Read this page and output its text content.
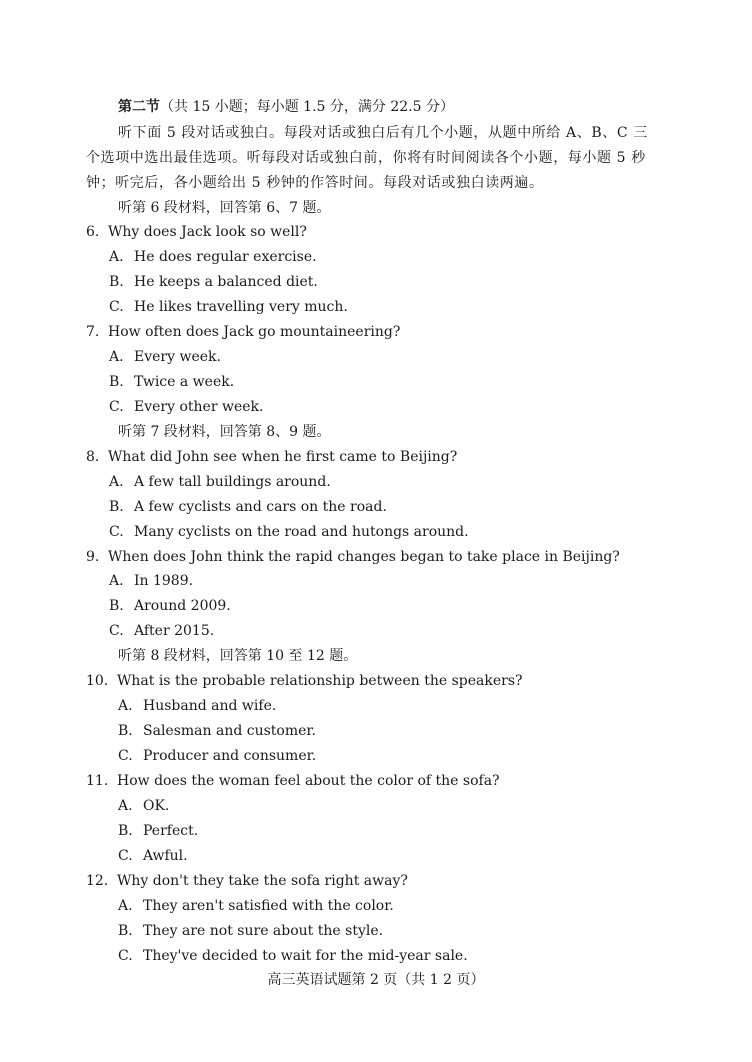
第二节（共 15 小题；每小题 1.5 分，满分 22.5 分）
听下面 5 段对话或独白。每段对话或独白后有几个小题，从题中所给 A、B、C 三
个选项中选出最佳选项。听每段对话或独白前，你将有时间阅读各个小题，每小题 5 秒
钟；听完后，各小题给出 5 秒钟的作答时间。每段对话或独白读两遍。
听第 6 段材料，回答第 6、7 题。
6. Why does Jack look so well?
A. He does regular exercise.
B. He keeps a balanced diet.
C. He likes travelling very much.
7. How often does Jack go mountaineering?
A. Every week.
B. Twice a week.
C. Every other week.
听第 7 段材料，回答第 8、9 题。
8. What did John see when he first came to Beijing?
A. A few tall buildings around.
B. A few cyclists and cars on the road.
C. Many cyclists on the road and hutongs around.
9. When does John think the rapid changes began to take place in Beijing?
A. In 1989.
B. Around 2009.
C. After 2015.
听第 8 段材料，回答第 10 至 12 题。
10. What is the probable relationship between the speakers?
A. Husband and wife.
B. Salesman and customer.
C. Producer and consumer.
11. How does the woman feel about the color of the sofa?
A. OK.
B. Perfect.
C. Awful.
12. Why don't they take the sofa right away?
A. They aren't satisfied with the color.
B. They are not sure about the style.
C. They've decided to wait for the mid-year sale.
高三英语试题第 2 页（共 1 2 页）
